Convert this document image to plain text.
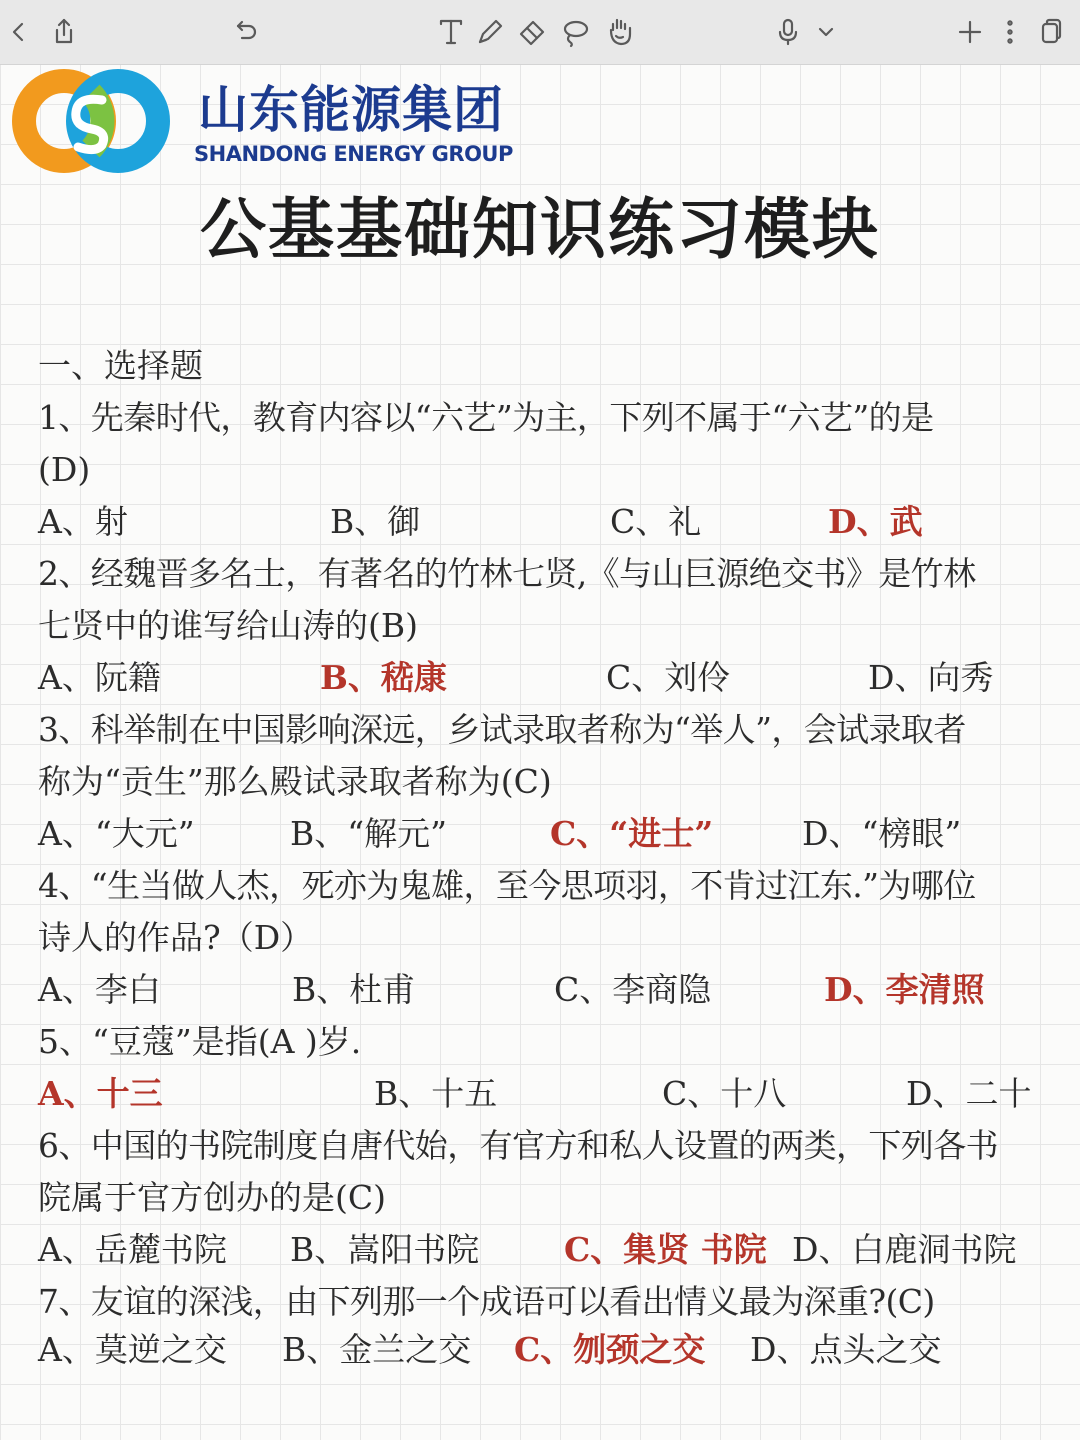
山东能源集团
SHANDONG ENERGY GROUP
公基基础知识练习模块
一、选择题
1、先秦时代，教育内容以“六艺”为主，下列不属于“六艺”的是
(D)
A、射	B、御	C、礼	D、武
2、经魏晋多名士，有著名的竹林七贤,《与山巨源绝交书》是竹林
七贤中的谁写给山涛的(B)
A、阮籍	B、嵇康	C、刘伶	D、向秀
3、科举制在中国影响深远，乡试录取者称为“举人”，会试录取者
称为“贡生”那么殿试录取者称为(C)
A、“大元”	B、“解元”	C、“进士”	D、“榜眼”
4、“生当做人杰，死亦为鬼雄，至今思项羽，不肯过江东.”为哪位
诗人的作品?（D）
A、李白	B、杜甫	C、李商隐	D、李清照
5、“豆蔻”是指(A )岁.
A、十三	B、十五	C、十八	D、二十
6、中国的书院制度自唐代始，有官方和私人设置的两类，下列各书
院属于官方创办的是(C)
A、岳麓书院 B、嵩阳书院	C、集贤 书院 D、白鹿洞书院
7、友谊的深浅，由下列那一个成语可以看出情义最为深重?(C)
A、莫逆之交 B、金兰之交 C、刎颈之交 D、点头之交
